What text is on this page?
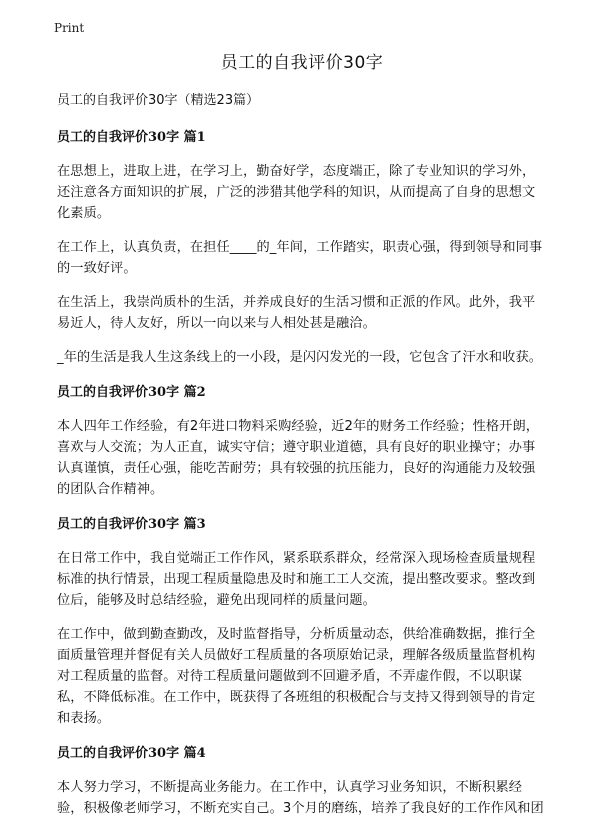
Print
员工的自我评价30字
员工的自我评价30字（精选23篇）
员工的自我评价30字 篇1

在思想上，进取上进，在学习上，勤奋好学，态度端正，除了专业知识的学习外，还注意各方面知识的扩展，广泛的涉猎其他学科的知识，从而提高了自身的思想文化素质。

在工作上，认真负责，在担任____的_年间，工作踏实，职责心强，得到领导和同事的一致好评。

在生活上，我崇尚质朴的生活，并养成良好的生活习惯和正派的作风。此外，我平易近人，待人友好，所以一向以来与人相处甚是融洽。

_年的生活是我人生这条线上的一小段，是闪闪发光的一段，它包含了汗水和收获。

员工的自我评价30字 篇2

本人四年工作经验，有2年进口物料采购经验，近2年的财务工作经验；性格开朗，喜欢与人交流；为人正直，诚实守信；遵守职业道德，具有良好的职业操守；办事认真谨慎，责任心强，能吃苦耐劳；具有较强的抗压能力，良好的沟通能力及较强的团队合作精神。

员工的自我评价30字 篇3

在日常工作中，我自觉端正工作作风，紧系联系群众，经常深入现场检查质量规程标准的执行情景，出现工程质量隐患及时和施工工人交流，提出整改要求。整改到位后，能够及时总结经验，避免出现同样的质量问题。

在工作中，做到勤查勤改，及时监督指导，分析质量动态，供给准确数据，推行全面质量管理并督促有关人员做好工程质量的各项原始记录，理解各级质量监督机构对工程质量的监督。对待工程质量问题做到不回避矛盾，不弄虚作假，不以职谋私，不降低标准。在工作中，既获得了各班组的积极配合与支持又得到领导的肯定和表扬。

员工的自我评价30字 篇4

本人努力学习，不断提高业务能力。在工作中，认真学习业务知识，不断积累经验，积极像老师学习，不断充实自己。3个月的磨练，培养了我良好的工作作风和团
